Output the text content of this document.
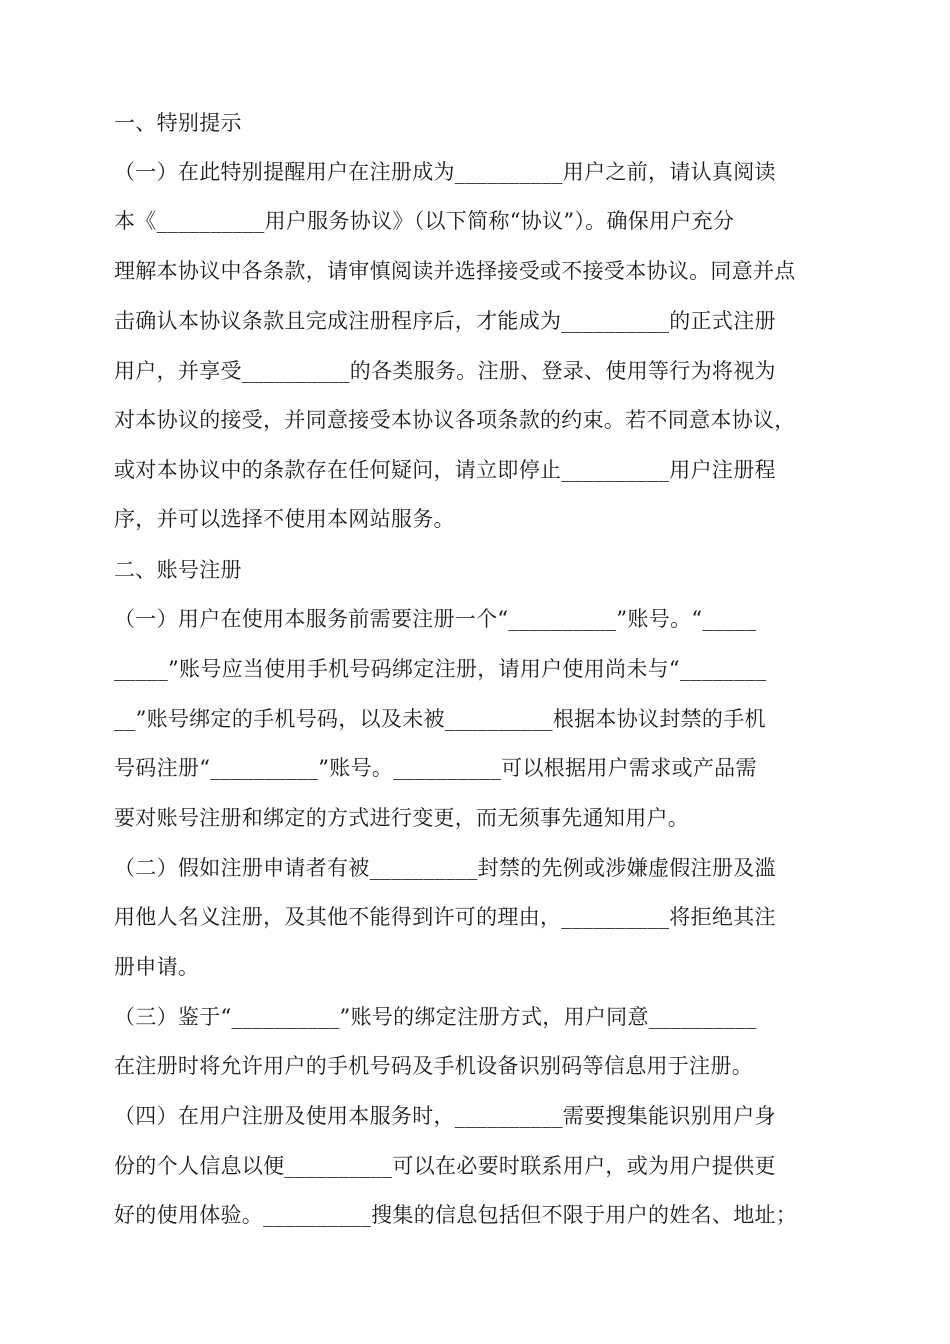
一、特别提示
（一）在此特别提醒用户在注册成为__________用户之前，请认真阅读
本《__________用户服务协议》（以下简称“协议”）。确保用户充分
理解本协议中各条款，请审慎阅读并选择接受或不接受本协议。同意并点
击确认本协议条款且完成注册程序后，才能成为__________的正式注册
用户，并享受__________的各类服务。注册、登录、使用等行为将视为
对本协议的接受，并同意接受本协议各项条款的约束。若不同意本协议，
或对本协议中的条款存在任何疑问，请立即停止__________用户注册程
序，并可以选择不使用本网站服务。
二、账号注册
（一）用户在使用本服务前需要注册一个“__________”账号。“_____
_____”账号应当使用手机号码绑定注册，请用户使用尚未与“________
__”账号绑定的手机号码，以及未被__________根据本协议封禁的手机
号码注册“__________”账号。__________可以根据用户需求或产品需
要对账号注册和绑定的方式进行变更，而无须事先通知用户。
（二）假如注册申请者有被__________封禁的先例或涉嫌虚假注册及滥
用他人名义注册，及其他不能得到许可的理由，__________将拒绝其注
册申请。
（三）鉴于“__________”账号的绑定注册方式，用户同意__________
在注册时将允许用户的手机号码及手机设备识别码等信息用于注册。
（四）在用户注册及使用本服务时，__________需要搜集能识别用户身
份的个人信息以便__________可以在必要时联系用户，或为用户提供更
好的使用体验。__________搜集的信息包括但不限于用户的姓名、地址；
